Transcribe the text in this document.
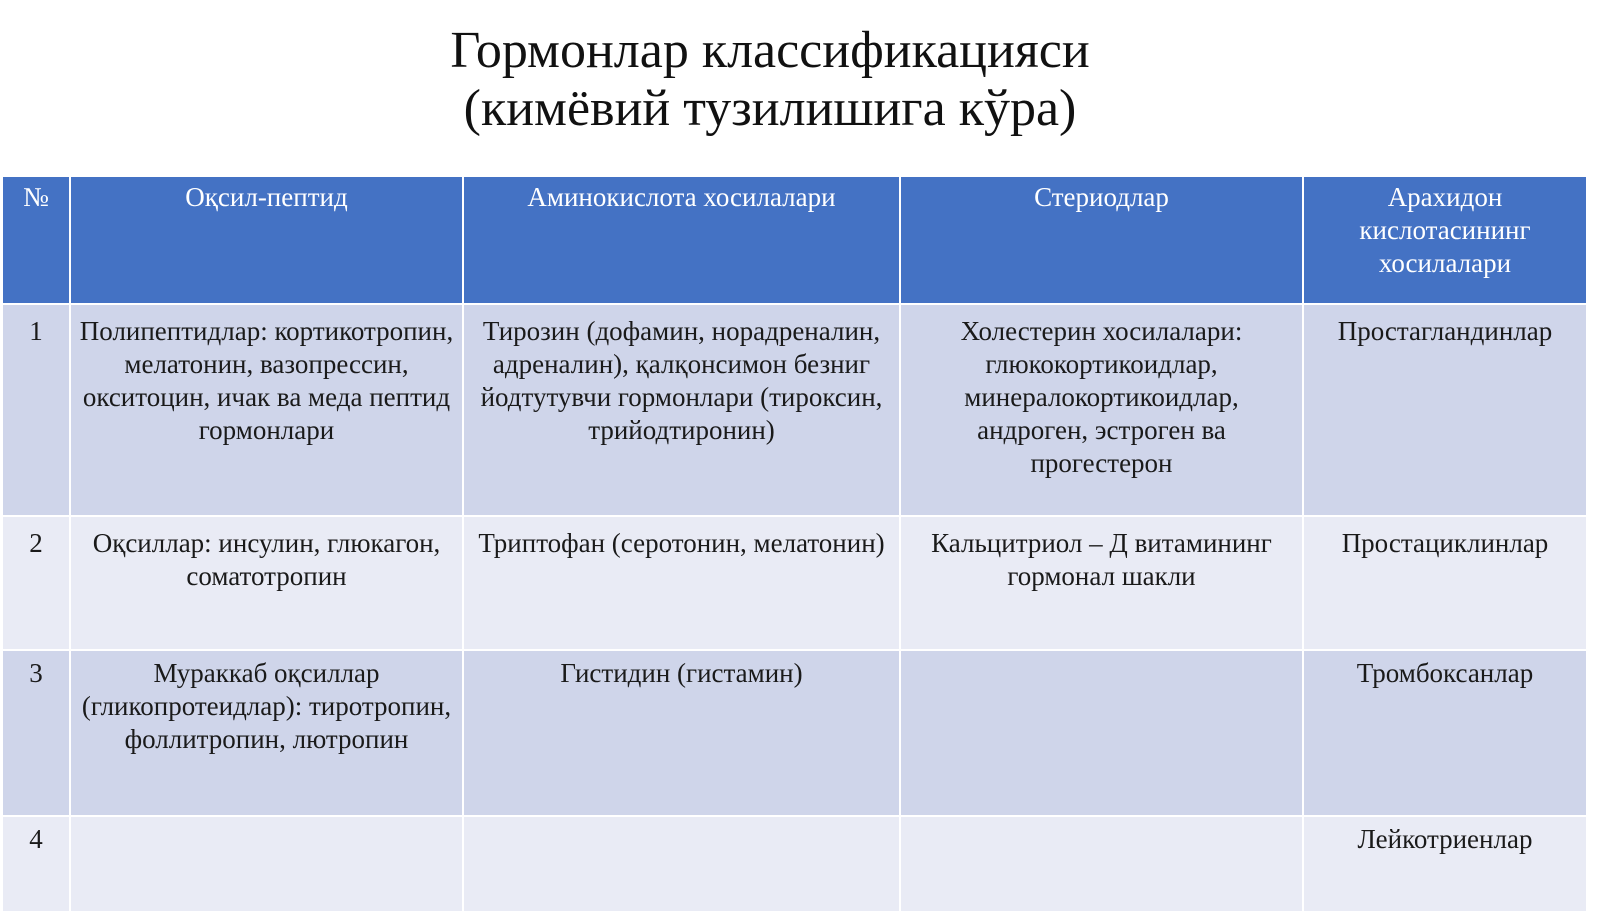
Гормонлар классификацияси
(кимёвий тузилишига кўра)
№	Оқсил-пептид	Аминокислота хосилалари	Стериодлар	Арахидон кислотасининг хосилалари
1	Полипептидлар: кортикотропин, мелатонин, вазопрессин, окситоцин, ичак ва меда пептид гормонлари	Тирозин (дофамин, норадреналин, адреналин), қалқонсимон безниг йодтутувчи гормонлари (тироксин, трийодтиронин)	Холестерин хосилалари: глюкокортикоидлар, минералокортикоидлар, андроген, эстроген ва прогестерон	Простагландинлар
2	Оқсиллар: инсулин, глюкагон, соматотропин	Триптофан (серотонин, мелатонин)	Кальцитриол – Д витамининг гормонал шакли	Простациклинлар
3	Мураккаб оқсиллар (гликопротеидлар): тиротропин, фоллитропин, лютропин	Гистидин (гистамин)		Тромбоксанлар
4				Лейкотриенлар
